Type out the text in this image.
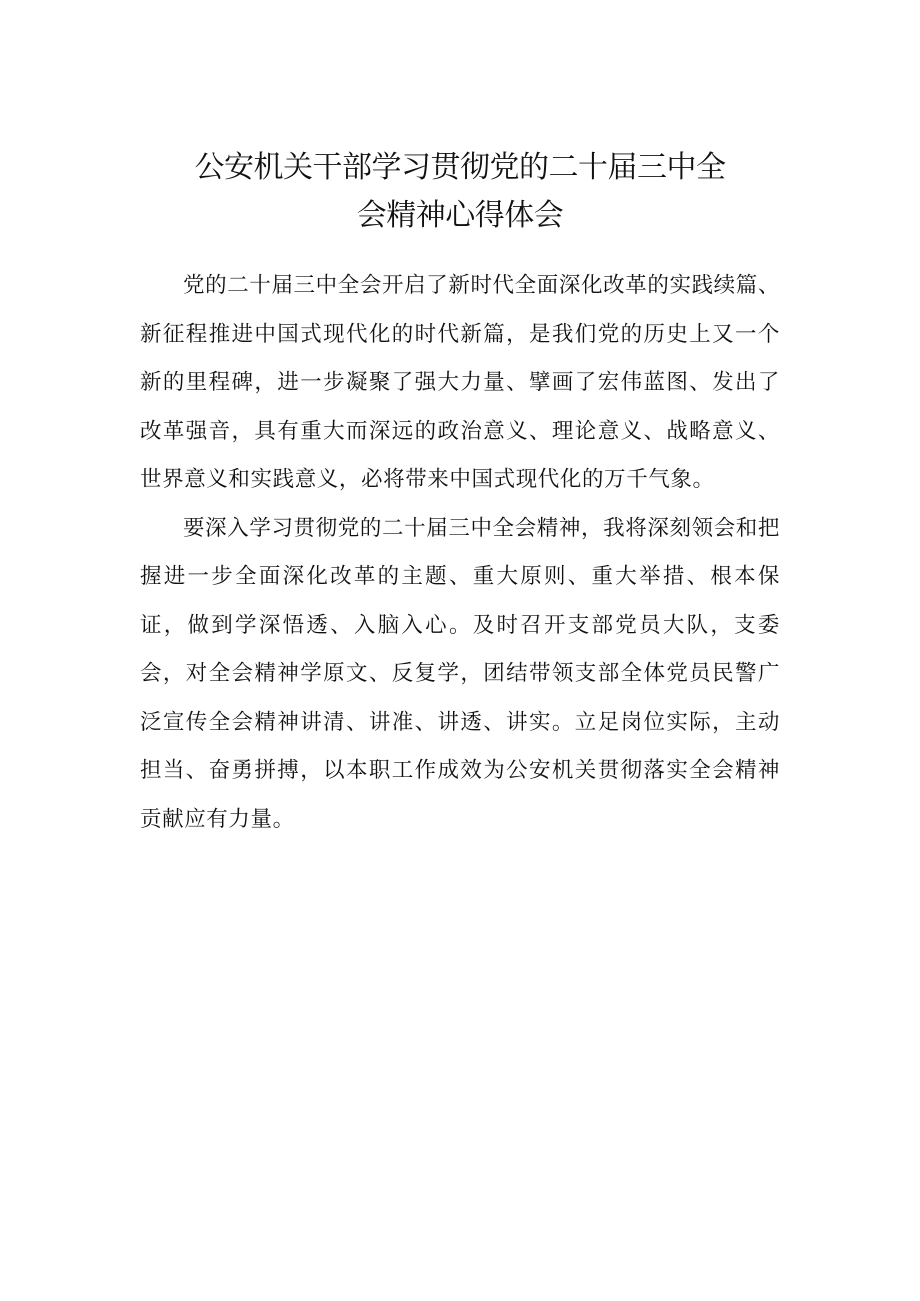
公安机关干部学习贯彻党的二十届三中全
会精神心得体会

党的二十届三中全会开启了新时代全面深化改革的实践续篇、新征程推进中国式现代化的时代新篇，是我们党的历史上又一个新的里程碑，进一步凝聚了强大力量、擘画了宏伟蓝图、发出了改革强音，具有重大而深远的政治意义、理论意义、战略意义、世界意义和实践意义，必将带来中国式现代化的万千气象。

要深入学习贯彻党的二十届三中全会精神，我将深刻领会和把握进一步全面深化改革的主题、重大原则、重大举措、根本保证，做到学深悟透、入脑入心。及时召开支部党员大队，支委会，对全会精神学原文、反复学，团结带领支部全体党员民警广泛宣传全会精神讲清、讲准、讲透、讲实。立足岗位实际，主动担当、奋勇拼搏，以本职工作成效为公安机关贯彻落实全会精神贡献应有力量。
